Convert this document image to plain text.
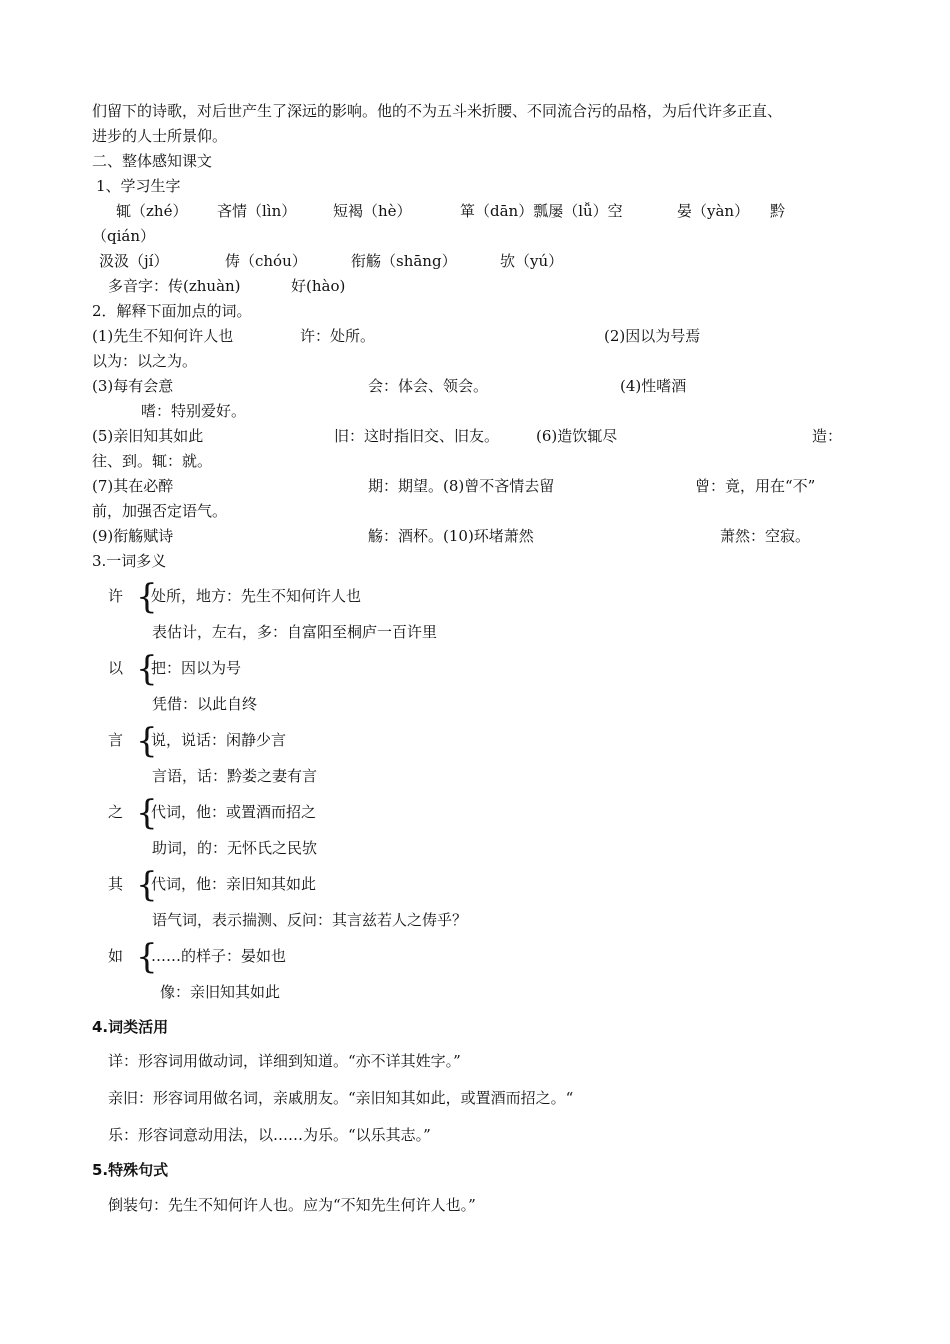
们留下的诗歌，对后世产生了深远的影响。他的不为五斗米折腰、不同流合污的品格，为后代许多正直、
进步的人士所景仰。
二、整体感知课文
1、学习生字
辄（zhé） 吝情（lìn） 短褐（hè）	箪（dān）瓢屡（lǚ）空	晏（yàn） 黔
（qián）
汲汲（jí）	俦（chóu）	衔觞（shāng）	欤（yú）
多音字：传(zhuàn)	好(hào)
2．解释下面加点的词。
(1)先生不知何许人也	许：处所。	(2)因以为号焉
以为：以之为。
(3)每有会意	会：体会、领会。	(4)性嗜酒
嗜：特别爱好。
(5)亲旧知其如此	旧：这时指旧交、旧友。 (6)造饮辄尽	造：
往、到。辄：就。
(7)其在必醉	期：期望。(8)曾不吝情去留	曾：竟，用在“不”
前，加强否定语气。
(9)衔觞赋诗	觞：酒杯。(10)环堵萧然	萧然：空寂。
3.一词多义
许 {
处所，地方：先生不知何许人也
表估计，左右，多：自富阳至桐庐一百许里
以 {
把：因以为号
凭借：以此自终
言 {
说，说话：闲静少言
言语，话：黔娄之妻有言
之 {
代词，他：或置酒而招之
助词，的：无怀氏之民欤
其 {
代词，他：亲旧知其如此
语气词，表示揣测、反问：其言兹若人之俦乎？
如 {
……的样子：晏如也
像：亲旧知其如此
4.词类活用
详：形容词用做动词，详细到知道。“亦不详其姓字。”
亲旧：形容词用做名词，亲戚朋友。“亲旧知其如此，或置酒而招之。“
乐：形容词意动用法，以……为乐。“以乐其志。”
5.特殊句式
倒装句：先生不知何许人也。应为“不知先生何许人也。”
